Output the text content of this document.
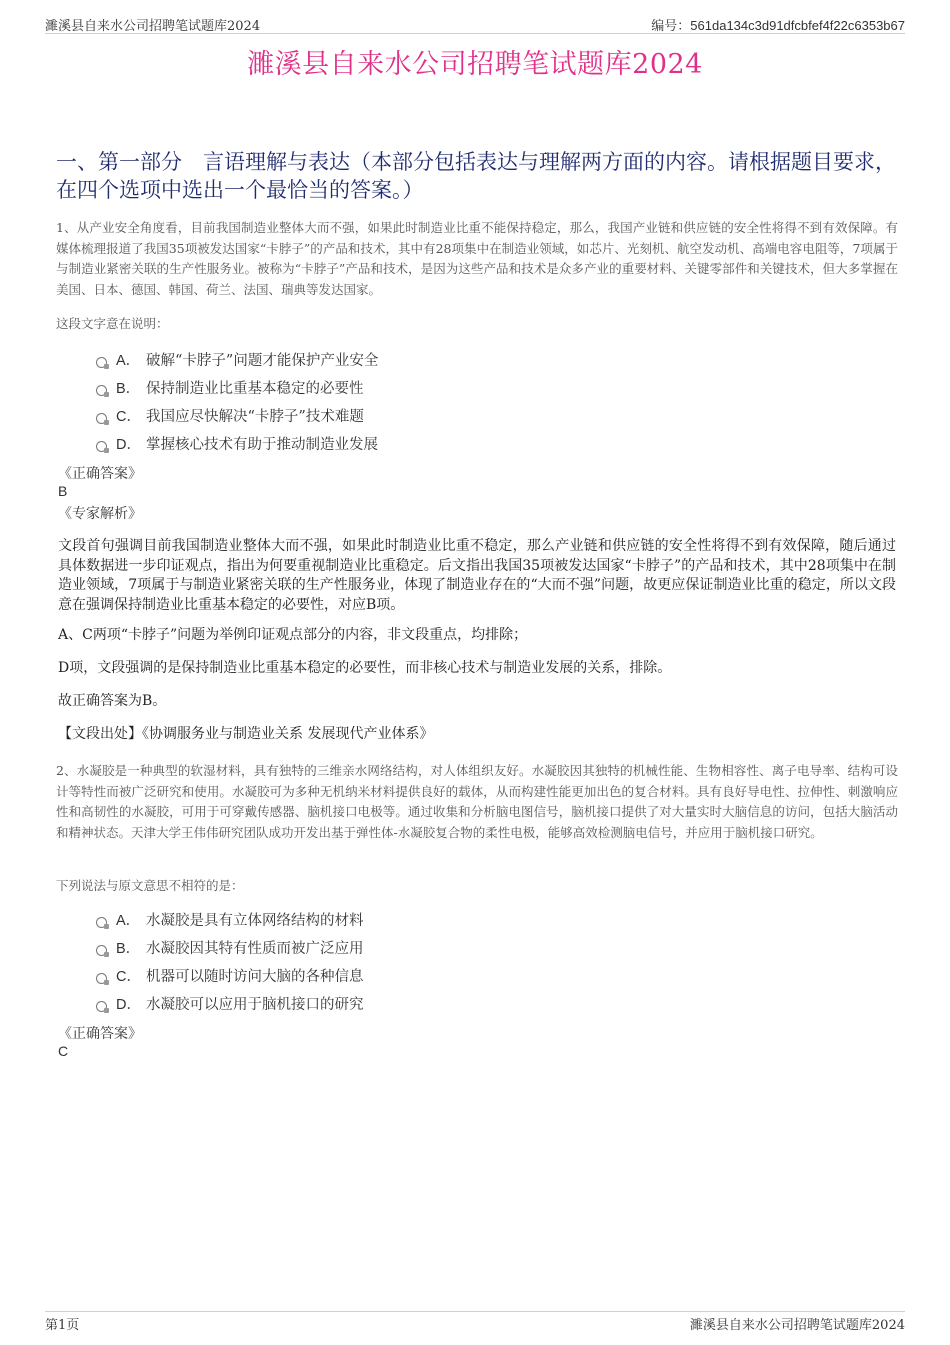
濉溪县自来水公司招聘笔试题库2024	编号：561da134c3d91dfcbfef4f22c6353b67
濉溪县自来水公司招聘笔试题库2024
一、第一部分　言语理解与表达（本部分包括表达与理解两方面的内容。请根据题目要求，在四个选项中选出一个最恰当的答案。）
1、从产业安全角度看，目前我国制造业整体大而不强，如果此时制造业比重不能保持稳定，那么，我国产业链和供应链的安全性将得不到有效保障。有媒体梳理报道了我国35项被发达国家“卡脖子”的产品和技术，其中有28项集中在制造业领域，如芯片、光刻机、航空发动机、高端电容电阻等，7项属于与制造业紧密关联的生产性服务业。被称为“卡脖子”产品和技术，是因为这些产品和技术是众多产业的重要材料、关键零部件和关键技术，但大多掌握在美国、日本、德国、韩国、荷兰、法国、瑞典等发达国家。
这段文字意在说明：
A． 破解“卡脖子”问题才能保护产业安全
B． 保持制造业比重基本稳定的必要性
C． 我国应尽快解决“卡脖子”技术难题
D． 掌握核心技术有助于推动制造业发展
《正确答案》
B
《专家解析》
文段首句强调目前我国制造业整体大而不强，如果此时制造业比重不稳定，那么产业链和供应链的安全性将得不到有效保障，随后通过具体数据进一步印证观点，指出为何要重视制造业比重稳定。后文指出我国35项被发达国家“卡脖子”的产品和技术，其中28项集中在制造业领域，7项属于与制造业紧密关联的生产性服务业，体现了制造业存在的“大而不强”问题，故更应保证制造业比重的稳定，所以文段意在强调保持制造业比重基本稳定的必要性，对应B项。
A、C两项“卡脖子”问题为举例印证观点部分的内容，非文段重点，均排除；
D项，文段强调的是保持制造业比重基本稳定的必要性，而非核心技术与制造业发展的关系，排除。
故正确答案为B。
【文段出处】《协调服务业与制造业关系 发展现代产业体系》
2、水凝胶是一种典型的软湿材料，具有独特的三维亲水网络结构，对人体组织友好。水凝胶因其独特的机械性能、生物相容性、离子电导率、结构可设计等特性而被广泛研究和使用。水凝胶可为多种无机纳米材料提供良好的载体，从而构建性能更加出色的复合材料。具有良好导电性、拉伸性、刺激响应性和高韧性的水凝胶，可用于可穿戴传感器、脑机接口电极等。通过收集和分析脑电图信号，脑机接口提供了对大量实时大脑信息的访问，包括大脑活动和精神状态。天津大学王伟伟研究团队成功开发出基于弹性体-水凝胶复合物的柔性电极，能够高效检测脑电信号，并应用于脑机接口研究。
下列说法与原文意思不相符的是：
A． 水凝胶是具有立体网络结构的材料
B． 水凝胶因其特有性质而被广泛应用
C． 机器可以随时访问大脑的各种信息
D． 水凝胶可以应用于脑机接口的研究
《正确答案》
C
第1页	濉溪县自来水公司招聘笔试题库2024
